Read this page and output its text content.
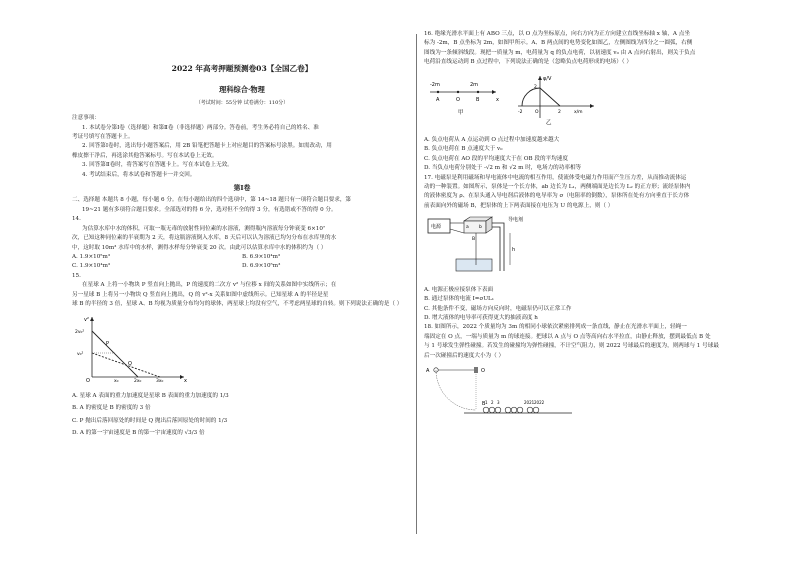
2022 年高考押题预测卷03【全国乙卷】
理科综合·物理
（考试时间：55分钟 试卷满分：110分）
注意事项：
1. 本试卷分第Ⅰ卷（选择题）和第Ⅱ卷（非选择题）两部分。答卷前，考生务必将自己的姓名、准
考证号填写在答题卡上。
2. 回答第Ⅰ卷时，选出每小题答案后，用 2B 铅笔把答题卡上对应题目的答案标号涂黑。如需改动，用
橡皮擦干净后，再选涂其他答案标号。写在本试卷上无效。
3. 回答第Ⅱ卷时，将答案写在答题卡上。写在本试卷上无效。
4. 考试结束后，将本试卷和答题卡一并交回。
第Ⅰ卷
二、选择题 本题共 8 小题，每小题 6 分。在每小题给出的四个选项中，第 14~18 题只有一项符合题目要求，第
19~21 题有多项符合题目要求。全部选对的得 6 分，选对但不全的得 3 分，有选错或不答的得 0 分。
14.
为估算水库中水的体积，可取一瓶无毒的放射性同位素的水溶液，测得瓶内溶液每分钟衰变 6×10⁷
次，已知这种同位素的半衰期为 2 天，将这瓶溶液倒入水库，8 天后可以认为溶液已均匀分布在水库里的水
中，这时取 10m³ 水库中的水样，测得水样每分钟衰变 20 次。由此可以估算水库中水的体积约为（ ）
A. 1.9×10⁵m³	B. 6.9×10⁴m³
C. 1.9×10⁴m³	D. 6.9×10⁵m³
15.
在星球 A 上将一小物块 P 竖直向上抛出，P 的速度的二次方 v² 与位移 x 间的关系如图中实线所示；在
另一星球 B 上将另一小物块 Q 竖直向上抛出，Q 的 v²-x 关系如图中虚线所示。已知星球 A 的半径是星
球 B 的半径的 3 倍，星球 A、B 均视为质量分布均匀的球体，两星球上均没有空气，不考虑两星球的自转。则下列说法正确的是（ ）
v²
x
O
2v₀²
v₀²
x₀	2x₀	3x₀
P
Q
A. 星球 A 表面的重力加速度是星球 B 表面的重力加速度的 1/3
B. A 的密度是 B 的密度的 3 倍
C. P 抛出后落回原处的时间是 Q 抛出后落回原处的时间的 1/3
D. A 的第一宇宙速度是 B 的第一宇宙速度的 √3/3 倍
16. 绝缘光滑水平面上有 ABO 三点，以 O 点为坐标原点，向右方向为正方向建立直线坐标轴 x 轴，A 点坐
标为 -2m，B 点坐标为 2m，如图甲所示。A、B 两点间的电势变化如图乙，左侧图线为四分之一圆弧，右侧
图线为一条倾斜线段。现把一质量为 m，电荷量为 q 的负点电荷，以初速度 v₀ 由 A 点向右射出，则关于负点
电荷沿直线运动到 B 点过程中，下列说法正确的是（忽略负点电荷形成的电场）（ ）
-2m	2m
A	O	B	x
甲
φ/V
2
-2	O	2	x/m
乙
A. 负点电荷从 A 点运动到 O 点过程中加速度越来越大
B. 负点电荷在 B 点速度大于 v₀
C. 负点电荷在 AO 段的平均速度大于在 OB 段的平均速度
D. 当负点电荷分别处于 -√2 m 和 √2 m 时，电场力的功率相等
17. 电磁泵是利用磁场和导电流体中电流的相互作用，使流体受电磁力作用而产生压力差，从而推动流体运
动的一种装置。如图所示，泵体是一个长方体，ab 边长为 L₁，两侧端面是边长为 L₂ 的正方形；流经泵体内
的液体密度为 ρ、在泵头通入导电剂后液体的电导率为 σ（电阻率的倒数），泵体所在处有方向垂直于长方体
前表面向外的磁场 B，把泵体的上下两表面接在电压为 U 的电源上，则（ ）
电源	a b
B
导电剂
h
A. 电源正极应接泵体下表面
B. 通过泵体的电流 I=σUL₁
C. 其他条件不变，磁场方向反向时，电磁泵仍可以正常工作
D. 增大液体的电导率可获得更大的抽液高度 h
18. 如图所示，2022 个质量均为 3m 的相同小球依次紧密排列成一条直线，静止在光滑水平面上，轻绳一
端固定在 O 点，一端与质量为 m 的球连接。把球以 A 点与 O 点等高向右水平拉直，由静止释放，摆到最低点 B 处
与 1 号球发生弹性碰撞。若发生的碰撞均为弹性碰撞，不计空气阻力，则 2022 号球最后的速度为，则两球与 1 号球最
后一次碰撞后的速度大小为（ ）
A	O
B 1 2 3	2021 2022
